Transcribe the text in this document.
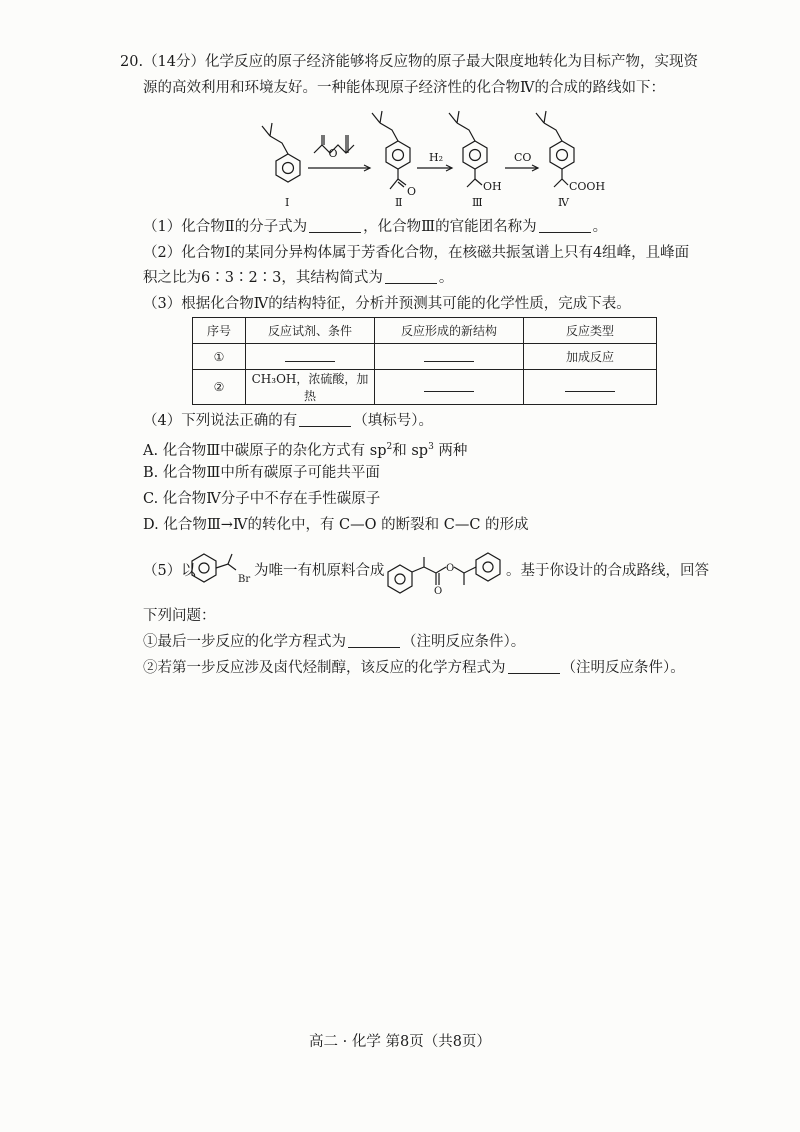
20.（14分）化学反应的原子经济能够将反应物的原子最大限度地转化为目标产物，实现资
源的高效利用和环境友好。一种能体现原子经济性的化合物Ⅳ的合成的路线如下：
O
O
H₂
OH
CO
COOH
Ⅰ	Ⅱ	Ⅲ	Ⅳ
（1）化合物Ⅱ的分子式为	，化合物Ⅲ的官能团名称为	。
（2）化合物Ⅰ的某同分异构体属于芳香化合物，在核磁共振氢谱上只有4组峰，且峰面
积之比为6∶3∶2∶3，其结构简式为	。
（3）根据化合物Ⅳ的结构特征，分析并预测其可能的化学性质，完成下表。
序号	反应试剂、条件	反应形成的新结构	反应类型
①			加成反应
②	CH₃OH，浓硫酸，加热		
（4）下列说法正确的有	（填标号）。
A. 化合物Ⅲ中碳原子的杂化方式有 $sp^2$和 $sp^3$ 两种
B. 化合物Ⅲ中所有碳原子可能共平面
C. 化合物Ⅳ分子中不存在手性碳原子
D. 化合物Ⅲ→Ⅳ的转化中，有 C—O 的断裂和 C—C 的形成
（5）以
Br
为唯一有机原料合成	O
O
。基于你设计的合成路线，回答
下列问题：
①最后一步反应的化学方程式为	（注明反应条件）。
②若第一步反应涉及卤代烃制醇，该反应的化学方程式为	（注明反应条件）。
高二 · 化学 第8页（共8页）
